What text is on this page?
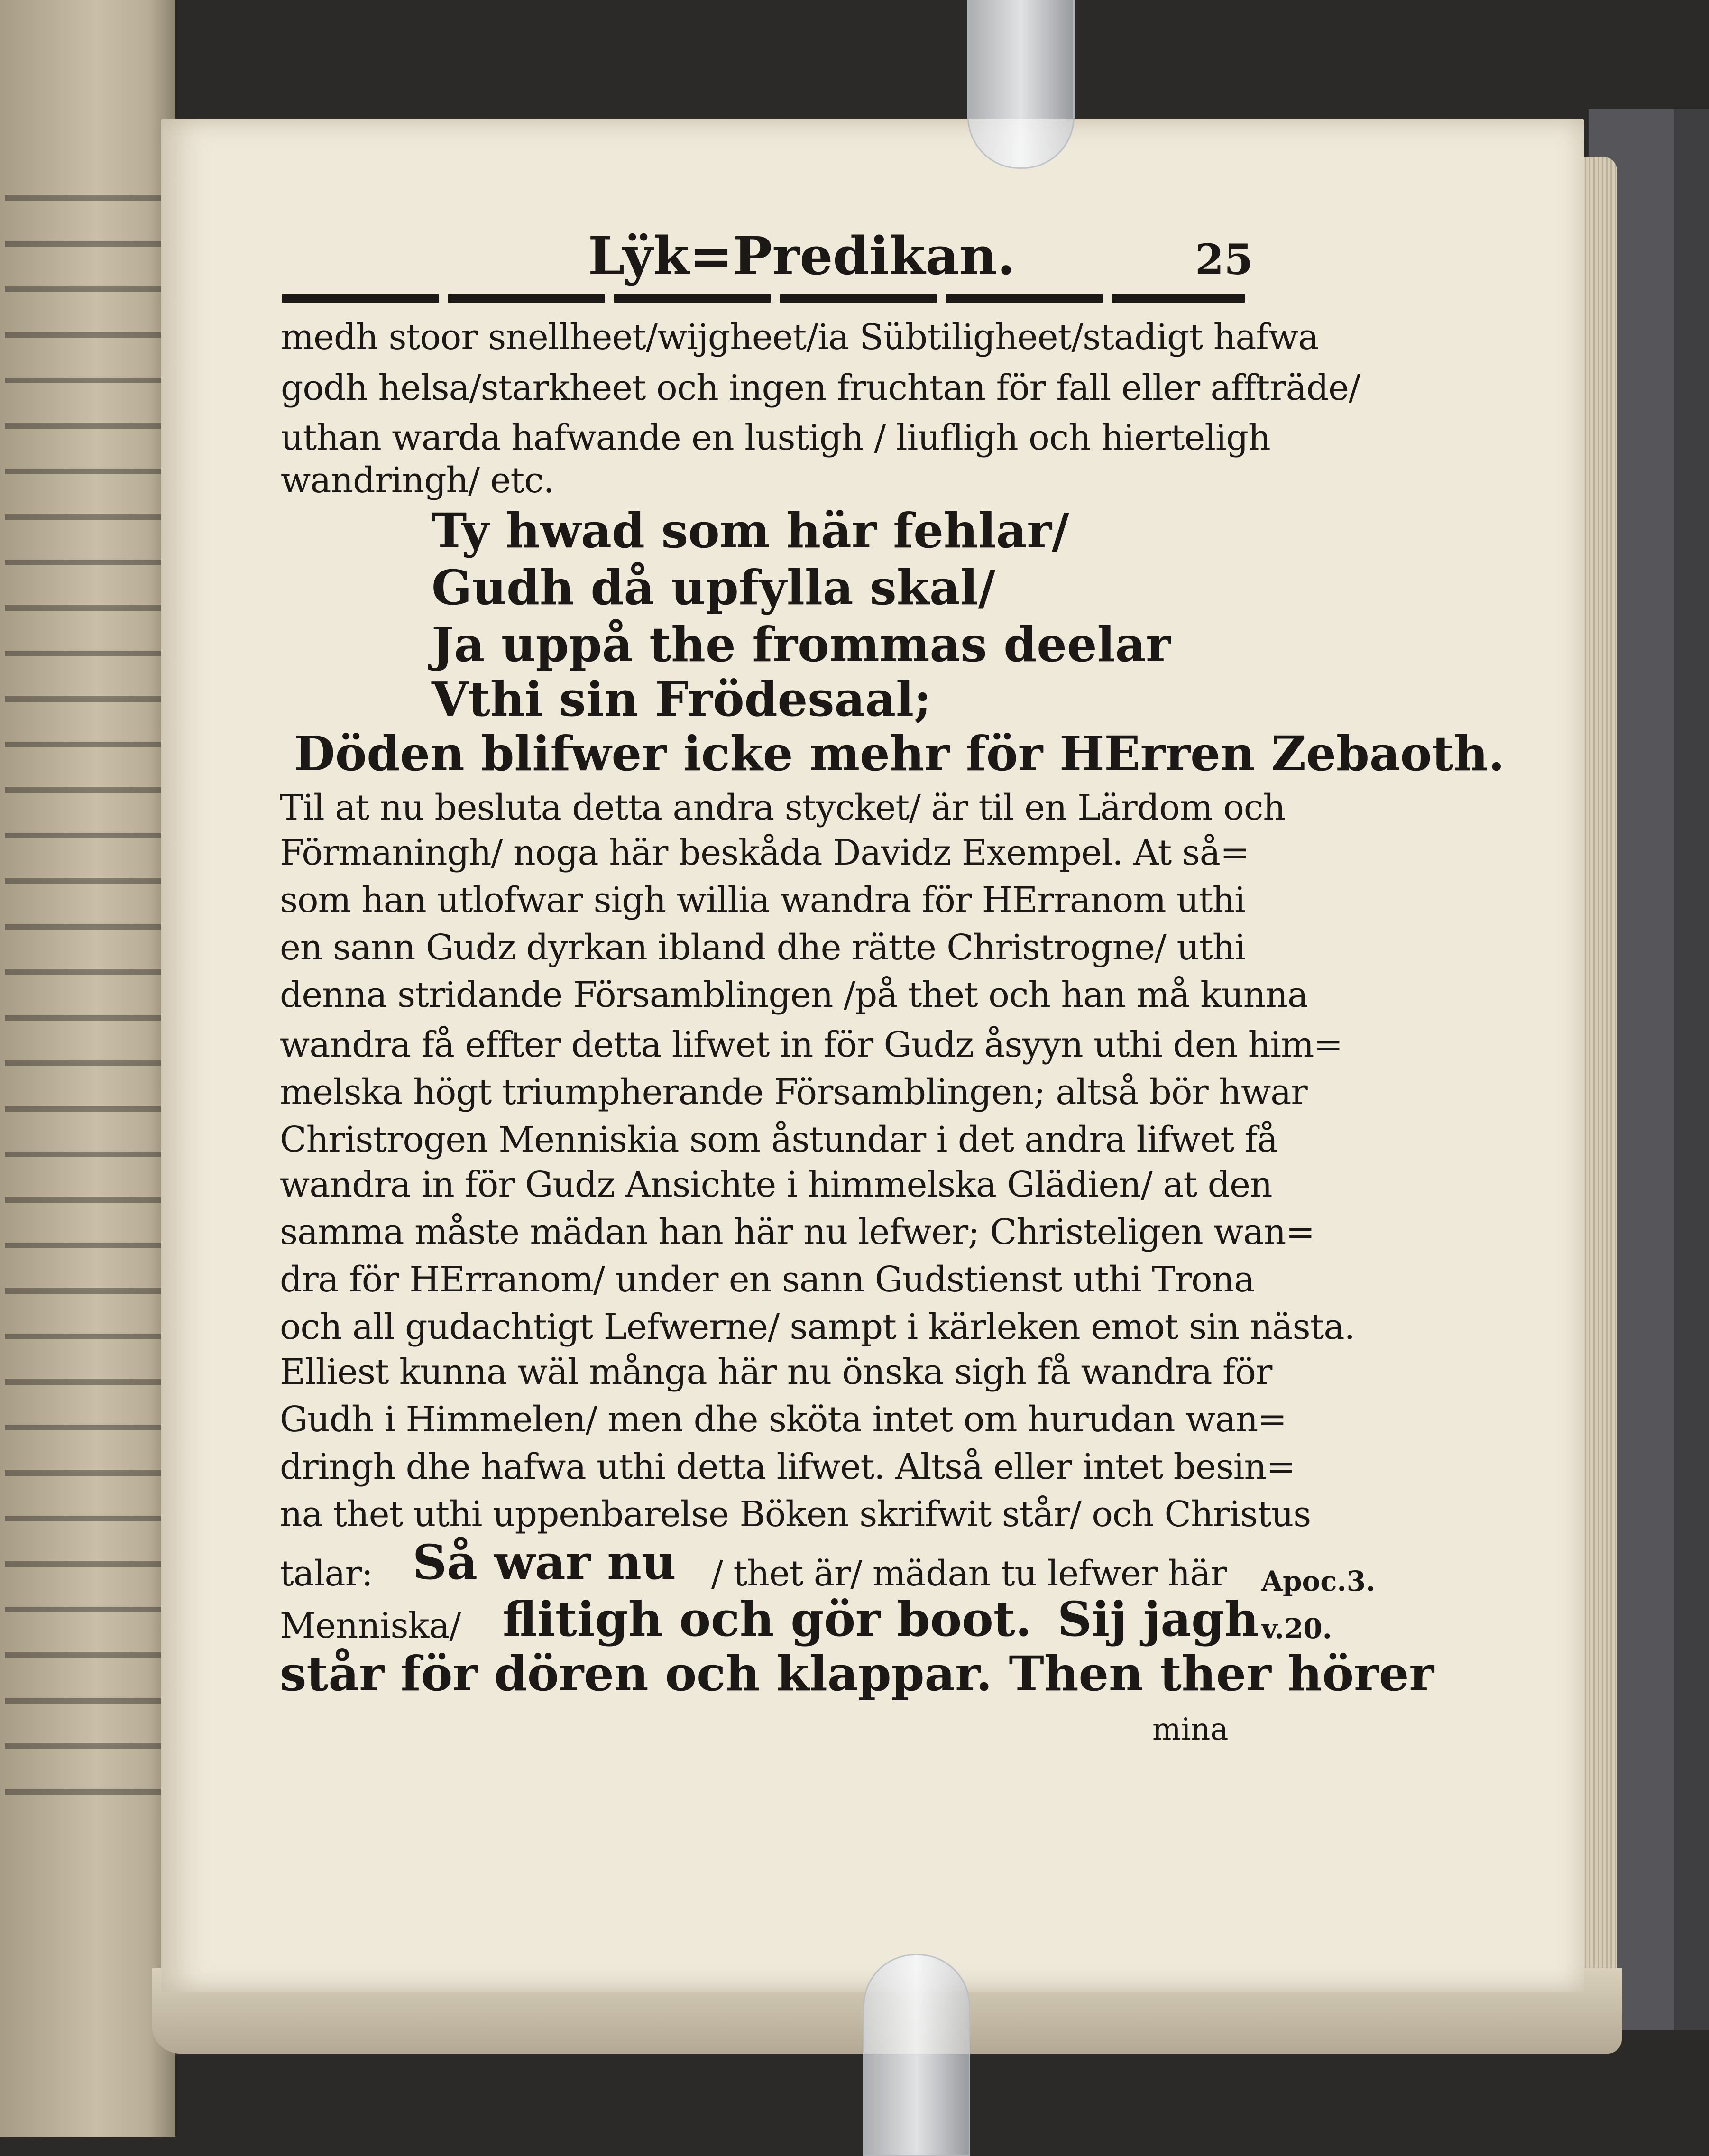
Lÿk=Predikan.	25
medh stoor snellheet/wijgheet/ia Sübtiligheet/stadigt hafwa
godh helsa/starkheet och ingen fruchtan för fall eller affträde/
uthan warda hafwande en lustigh / liufligh och hierteligh
wandringh/ etc.
Ty hwad som här fehlar/
Gudh då upfylla skal/
Ja uppå the frommas deelar
Vthi sin Frödesaal;
Döden blifwer icke mehr för HErren Zebaoth.
Til at nu besluta detta andra stycket/ är til en Lärdom och
Förmaningh/ noga här beskåda Davidz Exempel. At så=
som han utlofwar sigh willia wandra för HErranom uthi
en sann Gudz dyrkan ibland dhe rätte Christrogne/ uthi
denna stridande Församblingen /på thet och han må kunna
wandra få effter detta lifwet in för Gudz åsyyn uthi den him=
melska högt triumpherande Församblingen; altså bör hwar
Christrogen Menniskia som åstundar i det andra lifwet få
wandra in för Gudz Ansichte i himmelska Glädien/ at den
samma måste mädan han här nu lefwer; Christeligen wan=
dra för HErranom/ under en sann Gudstienst uthi Trona
och all gudachtigt Lefwerne/ sampt i kärleken emot sin nästa.
Elliest kunna wäl många här nu önska sigh få wandra för
Gudh i Himmelen/ men dhe sköta intet om hurudan wan=
dringh dhe hafwa uthi detta lifwet. Altså eller intet besin=
na thet uthi uppenbarelse Böken skrifwit står/ och Christus
talar: Så war nu / thet är/ mädan tu lefwer här
Menniska/ flitigh och gör boot. Sij jagh
står för dören och klappar. Then ther hörer
mina
Apoc.3.
v.20.
